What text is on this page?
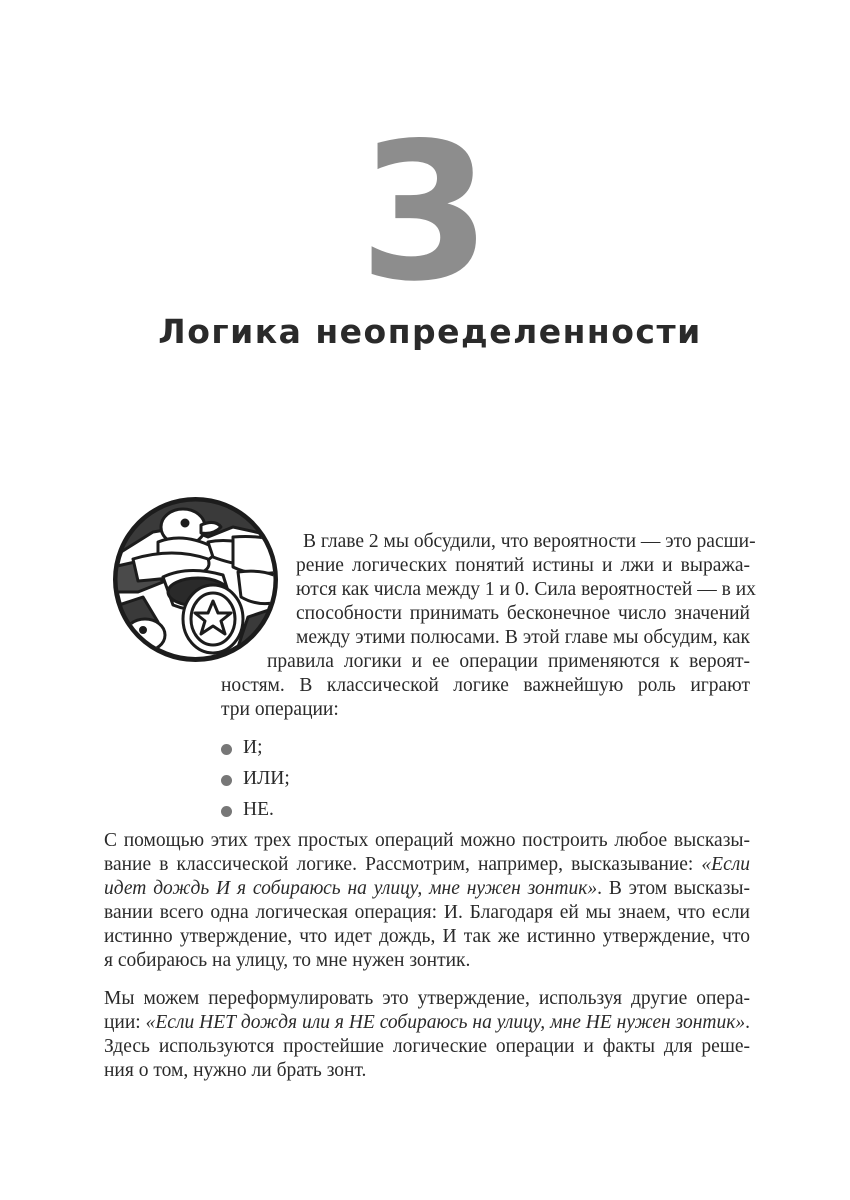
3
Логика неопределенности
В главе 2 мы обсудили, что вероятности — это расши-
рение логических понятий истины и лжи и выража-
ются как числа между 1 и 0. Сила вероятностей — в их
способности принимать бесконечное число значений
между этими полюсами. В этой главе мы обсудим, как
правила логики и ее операции применяются к вероят-
ностям. В классической логике важнейшую роль играют
три операции:
И;
ИЛИ;
НЕ.
С помощью этих трех простых операций можно построить любое высказы-
вание в классической логике. Рассмотрим, например, высказывание: «Если
идет дождь И я собираюсь на улицу, мне нужен зонтик». В этом высказы-
вании всего одна логическая операция: И. Благодаря ей мы знаем, что если
истинно утверждение, что идет дождь, И так же истинно утверждение, что
я собираюсь на улицу, то мне нужен зонтик.
Мы можем переформулировать это утверждение, используя другие опера-
ции: «Если НЕТ дождя или я НЕ собираюсь на улицу, мне НЕ нужен зонтик».
Здесь используются простейшие логические операции и факты для реше-
ния о том, нужно ли брать зонт.
